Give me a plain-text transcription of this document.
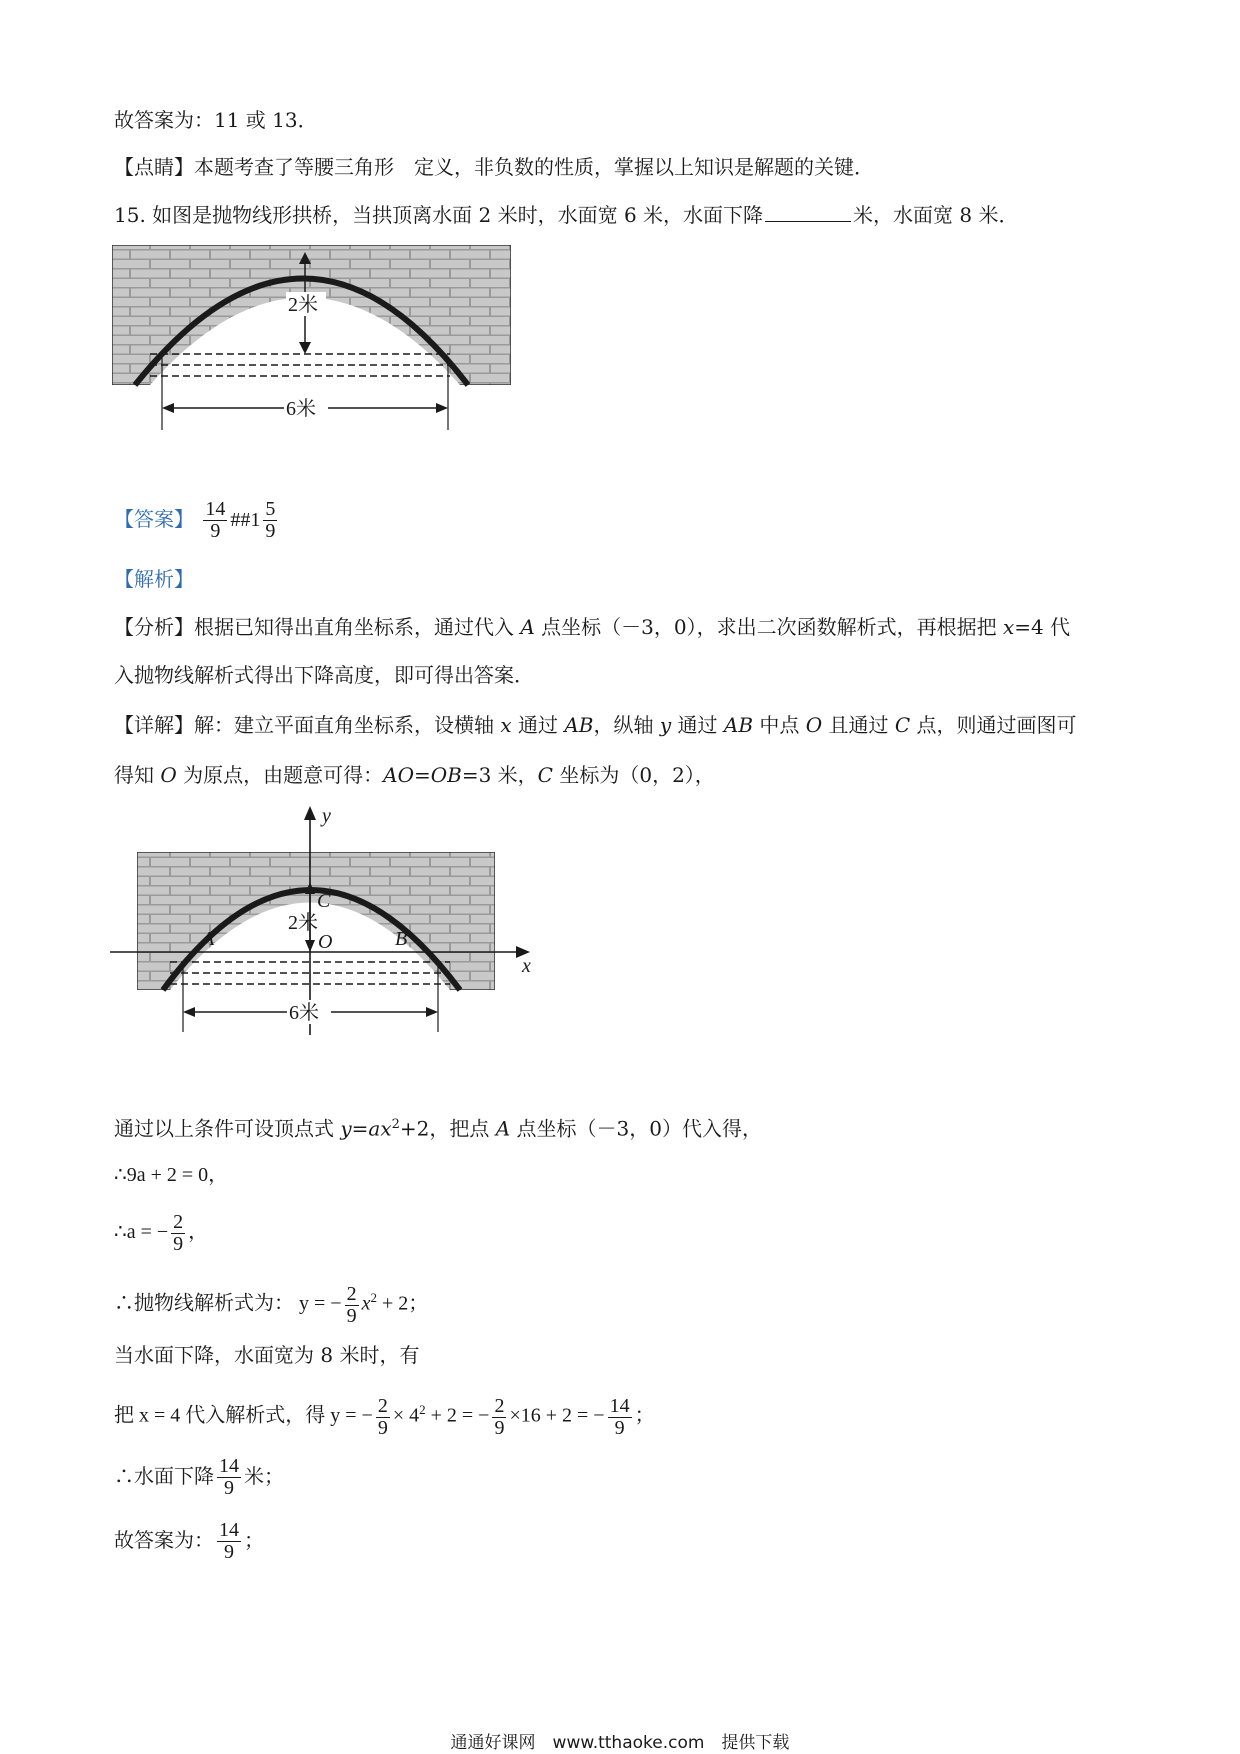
故答案为：11 或 13．
【点睛】本题考查了等腰三角形　定义，非负数的性质，掌握以上知识是解题的关键．
15. 如图是抛物线形拱桥，当拱顶离水面 2 米时，水面宽 6 米，水面下降	米，水面宽 8 米．
2米
6米
【答案】 $\frac{14}{9}$ ##1 $\frac{5}{9}$
【解析】
【分析】根据已知得出直角坐标系，通过代入 A 点坐标（－3，0），求出二次函数解析式，再根据把 x=4 代
入抛物线解析式得出下降高度，即可得出答案．
【详解】解：建立平面直角坐标系，设横轴 x 通过 AB，纵轴 y 通过 AB 中点 O 且通过 C 点，则通过画图可
得知 O 为原点，由题意可得：AO=OB=3 米，C 坐标为（0，2），
y
x
C
2米
O
A	B
6米
通过以上条件可设顶点式 $y=ax^2+2$，把点 A 点坐标（－3，0）代入得，
∴9a + 2 = 0，
∴a = − $\frac{2}{9}$ ，
∴抛物线解析式为： y = − $\frac{2}{9} x^2 + 2$；
当水面下降，水面宽为 8 米时，有
把 x = 4 代入解析式，得 y = − $\frac{2}{9} \times 4^2 + 2$ = − $\frac{2}{9} \times 16 + 2$ = − $\frac{14}{9}$ ；
∴水面下降 $\frac{14}{9}$ 米；
故答案为： $\frac{14}{9}$ ；
通通好课网　www.tthaoke.com　提供下载
